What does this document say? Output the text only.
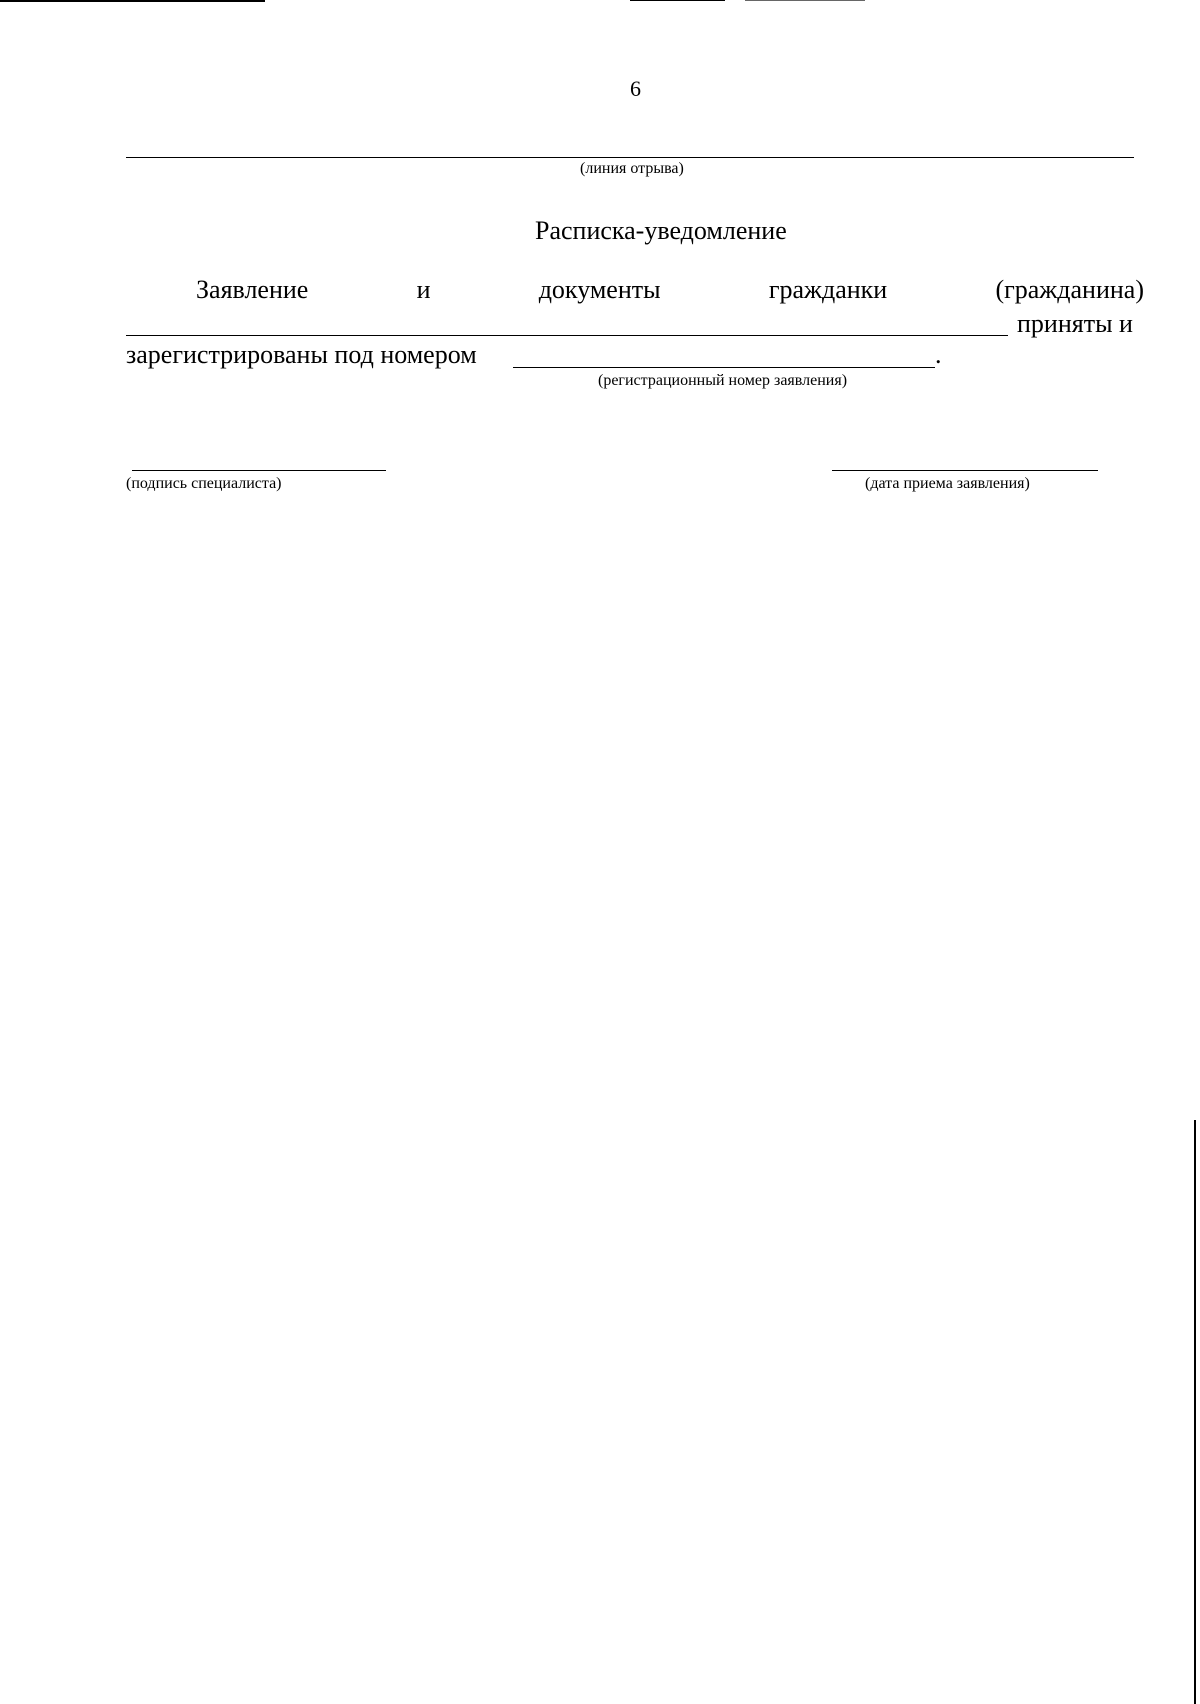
6
(линия отрыва)
Расписка-уведомление
Заявление	и	документы	гражданки	(гражданина)
приняты и
зарегистрированы под номером	.
(регистрационный номер заявления)
(подпись специалиста)	(дата приема заявления)
